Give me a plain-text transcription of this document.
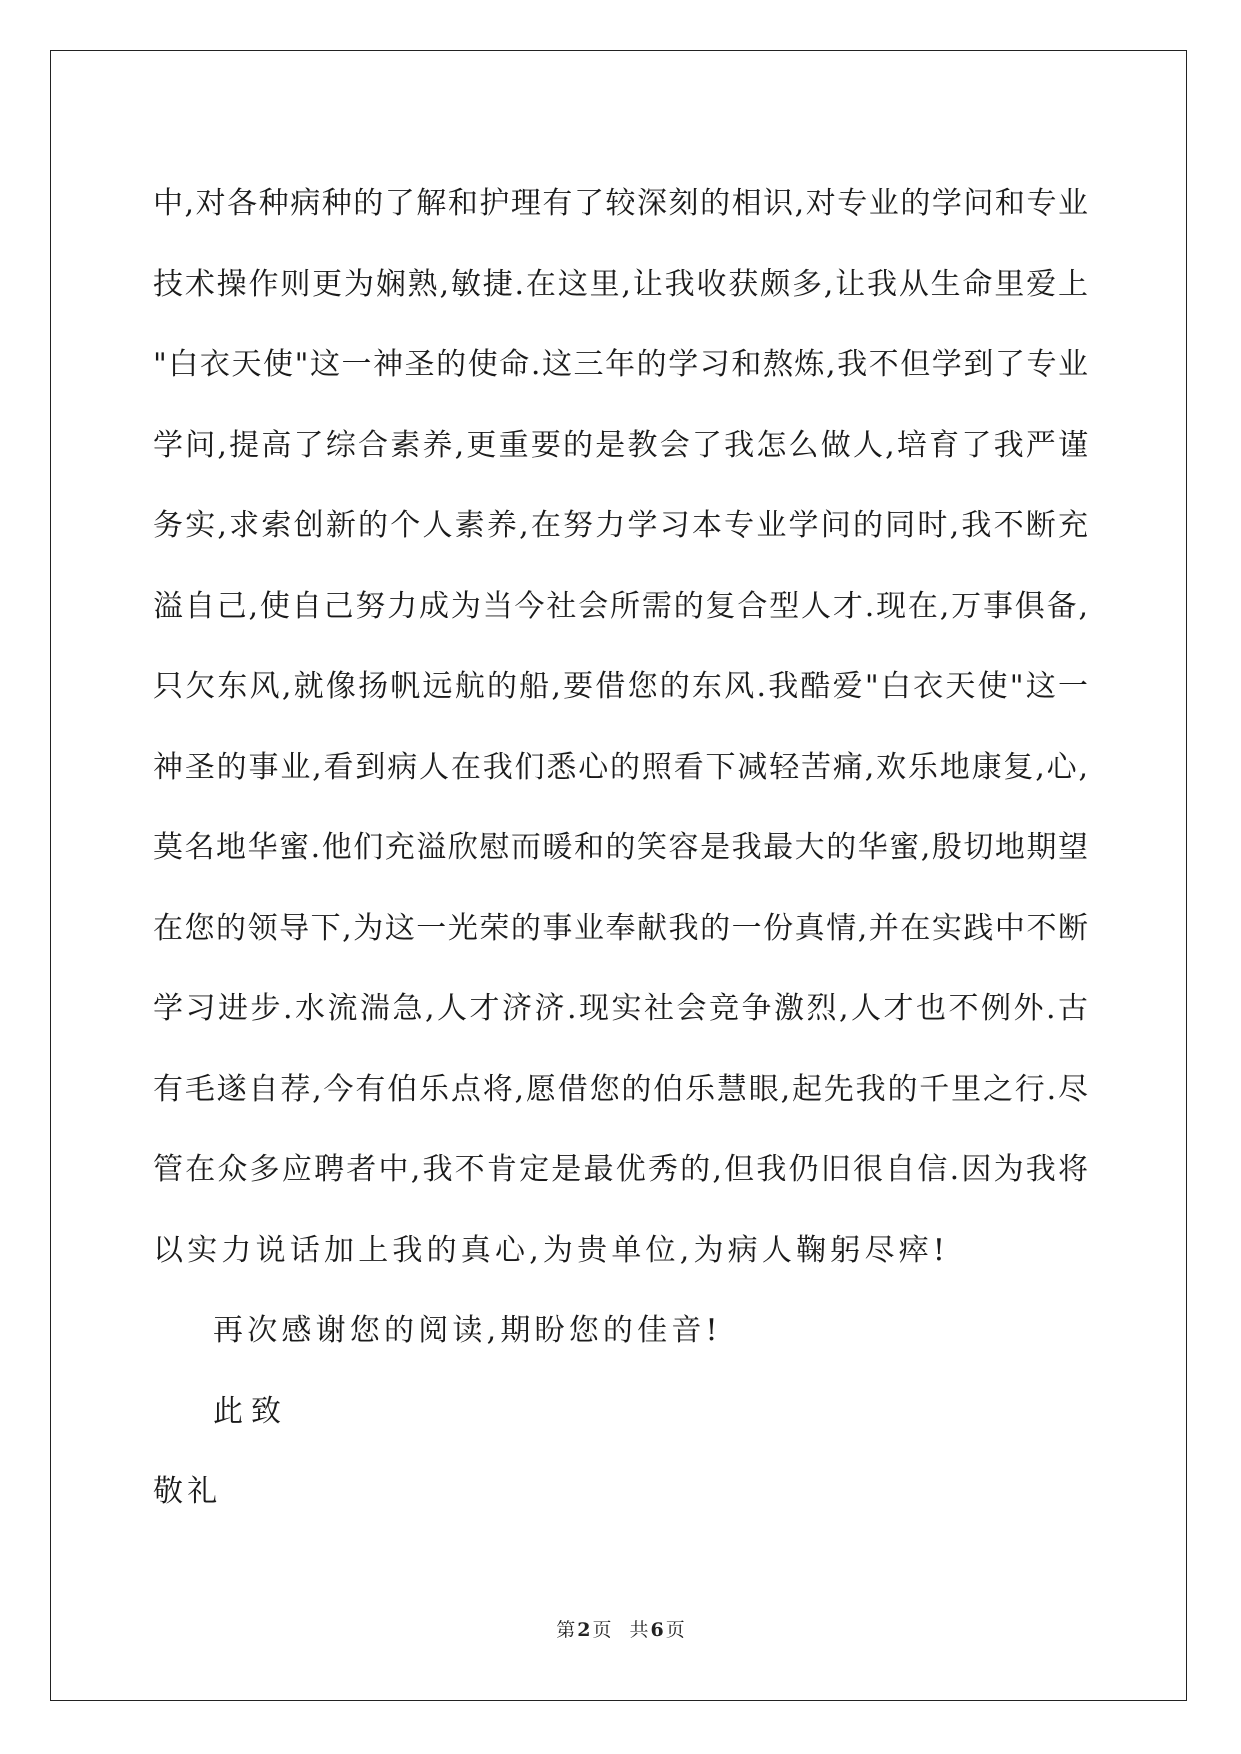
中,对各种病种的了解和护理有了较深刻的相识,对专业的学问和专业
技术操作则更为娴熟,敏捷.在这里,让我收获颇多,让我从生命里爱上
"白衣天使"这一神圣的使命.这三年的学习和熬炼,我不但学到了专业
学问,提高了综合素养,更重要的是教会了我怎么做人,培育了我严谨
务实,求索创新的个人素养,在努力学习本专业学问的同时,我不断充
溢自己,使自己努力成为当今社会所需的复合型人才.现在,万事俱备,
只欠东风,就像扬帆远航的船,要借您的东风.我酷爱"白衣天使"这一
神圣的事业,看到病人在我们悉心的照看下减轻苦痛,欢乐地康复,心,
莫名地华蜜.他们充溢欣慰而暖和的笑容是我最大的华蜜,殷切地期望
在您的领导下,为这一光荣的事业奉献我的一份真情,并在实践中不断
学习进步.水流湍急,人才济济.现实社会竞争激烈,人才也不例外.古
有毛遂自荐,今有伯乐点将,愿借您的伯乐慧眼,起先我的千里之行.尽
管在众多应聘者中,我不肯定是最优秀的,但我仍旧很自信.因为我将
以实力说话加上我的真心,为贵单位,为病人鞠躬尽瘁!
再次感谢您的阅读,期盼您的佳音!
此致
敬礼
第 2 页 共 6 页
